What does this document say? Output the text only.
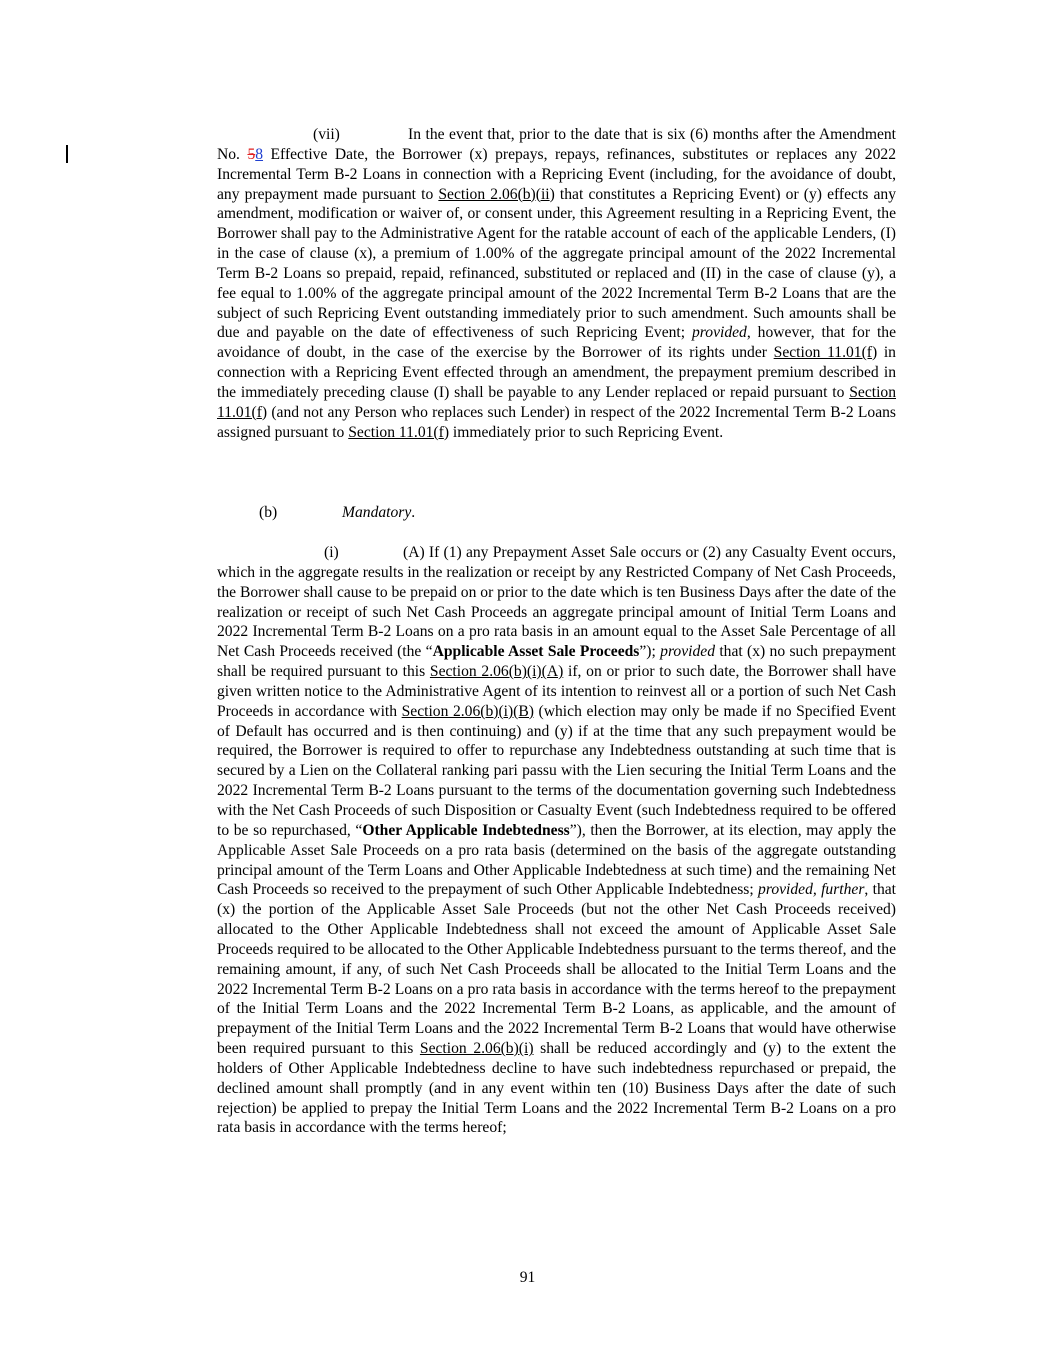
(vii)	In the event that, prior to the date that is six (6) months after the Amendment No. 58 Effective Date, the Borrower (x) prepays, repays, refinances, substitutes or replaces any 2022 Incremental Term B-2 Loans in connection with a Repricing Event (including, for the avoidance of doubt, any prepayment made pursuant to Section 2.06(b)(ii) that constitutes a Repricing Event) or (y) effects any amendment, modification or waiver of, or consent under, this Agreement resulting in a Repricing Event, the Borrower shall pay to the Administrative Agent for the ratable account of each of the applicable Lenders, (I) in the case of clause (x), a premium of 1.00% of the aggregate principal amount of the 2022 Incremental Term B-2 Loans so prepaid, repaid, refinanced, substituted or replaced and (II) in the case of clause (y), a fee equal to 1.00% of the aggregate principal amount of the 2022 Incremental Term B-2 Loans that are the subject of such Repricing Event outstanding immediately prior to such amendment. Such amounts shall be due and payable on the date of effectiveness of such Repricing Event; provided, however, that for the avoidance of doubt, in the case of the exercise by the Borrower of its rights under Section 11.01(f) in connection with a Repricing Event effected through an amendment, the prepayment premium described in the immediately preceding clause (I) shall be payable to any Lender replaced or repaid pursuant to Section 11.01(f) (and not any Person who replaces such Lender) in respect of the 2022 Incremental Term B-2 Loans assigned pursuant to Section 11.01(f) immediately prior to such Repricing Event.
(b)	Mandatory.
(i)	(A) If (1) any Prepayment Asset Sale occurs or (2) any Casualty Event occurs, which in the aggregate results in the realization or receipt by any Restricted Company of Net Cash Proceeds, the Borrower shall cause to be prepaid on or prior to the date which is ten Business Days after the date of the realization or receipt of such Net Cash Proceeds an aggregate principal amount of Initial Term Loans and 2022 Incremental Term B-2 Loans on a pro rata basis in an amount equal to the Asset Sale Percentage of all Net Cash Proceeds received (the “Applicable Asset Sale Proceeds”); provided that (x) no such prepayment shall be required pursuant to this Section 2.06(b)(i)(A) if, on or prior to such date, the Borrower shall have given written notice to the Administrative Agent of its intention to reinvest all or a portion of such Net Cash Proceeds in accordance with Section 2.06(b)(i)(B) (which election may only be made if no Specified Event of Default has occurred and is then continuing) and (y) if at the time that any such prepayment would be required, the Borrower is required to offer to repurchase any Indebtedness outstanding at such time that is secured by a Lien on the Collateral ranking pari passu with the Lien securing the Initial Term Loans and the 2022 Incremental Term B-2 Loans pursuant to the terms of the documentation governing such Indebtedness with the Net Cash Proceeds of such Disposition or Casualty Event (such Indebtedness required to be offered to be so repurchased, “Other Applicable Indebtedness”), then the Borrower, at its election, may apply the Applicable Asset Sale Proceeds on a pro rata basis (determined on the basis of the aggregate outstanding principal amount of the Term Loans and Other Applicable Indebtedness at such time) and the remaining Net Cash Proceeds so received to the prepayment of such Other Applicable Indebtedness; provided, further, that (x) the portion of the Applicable Asset Sale Proceeds (but not the other Net Cash Proceeds received) allocated to the Other Applicable Indebtedness shall not exceed the amount of Applicable Asset Sale Proceeds required to be allocated to the Other Applicable Indebtedness pursuant to the terms thereof, and the remaining amount, if any, of such Net Cash Proceeds shall be allocated to the Initial Term Loans and the 2022 Incremental Term B-2 Loans on a pro rata basis in accordance with the terms hereof to the prepayment of the Initial Term Loans and the 2022 Incremental Term B-2 Loans, as applicable, and the amount of prepayment of the Initial Term Loans and the 2022 Incremental Term B-2 Loans that would have otherwise been required pursuant to this Section 2.06(b)(i) shall be reduced accordingly and (y) to the extent the holders of Other Applicable Indebtedness decline to have such indebtedness repurchased or prepaid, the declined amount shall promptly (and in any event within ten (10) Business Days after the date of such rejection) be applied to prepay the Initial Term Loans and the 2022 Incremental Term B-2 Loans on a pro rata basis in accordance with the terms hereof;
91
